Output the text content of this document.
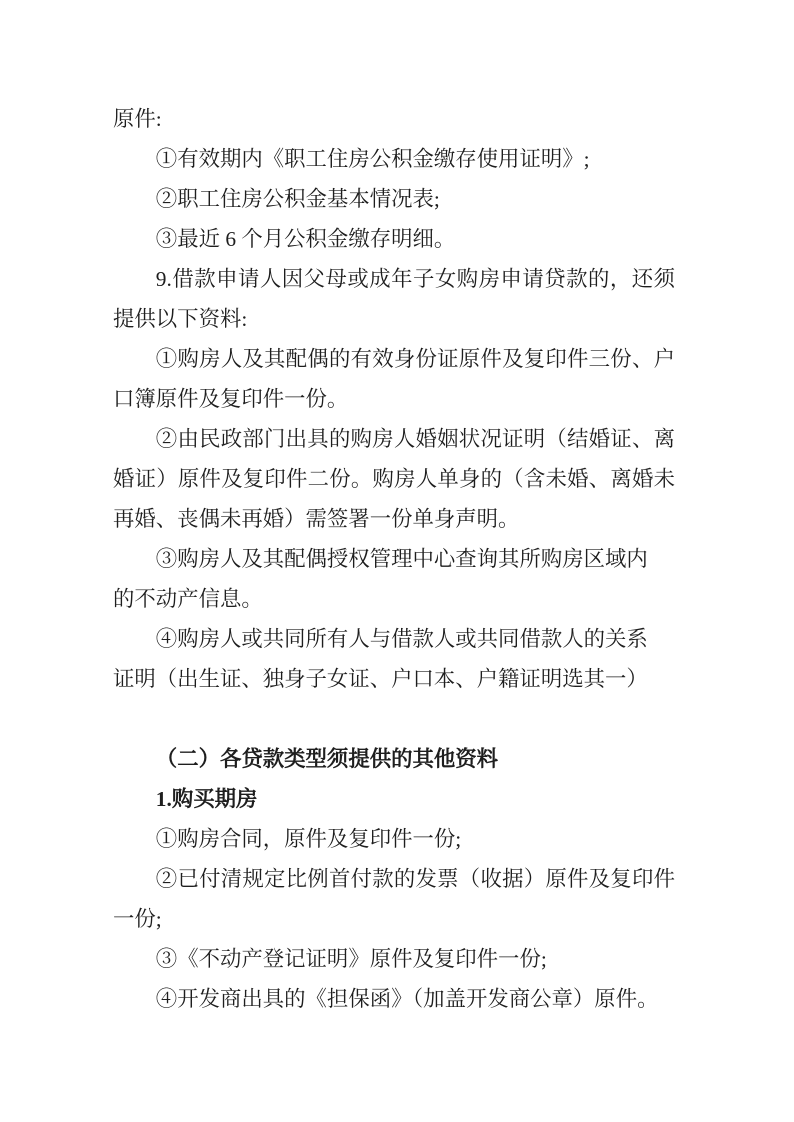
原件:
①有效期内《职工住房公积金缴存使用证明》;
②职工住房公积金基本情况表;
③最近 6 个月公积金缴存明细。
9.借款申请人因父母或成年子女购房申请贷款的，还须
提供以下资料:
①购房人及其配偶的有效身份证原件及复印件三份、户
口簿原件及复印件一份。
②由民政部门出具的购房人婚姻状况证明（结婚证、离
婚证）原件及复印件二份。购房人单身的（含未婚、离婚未
再婚、丧偶未再婚）需签署一份单身声明。
③购房人及其配偶授权管理中心查询其所购房区域内
的不动产信息。
④购房人或共同所有人与借款人或共同借款人的关系
证明（出生证、独身子女证、户口本、户籍证明选其一）
（二）各贷款类型须提供的其他资料
1.购买期房
①购房合同，原件及复印件一份;
②已付清规定比例首付款的发票（收据）原件及复印件
一份;
③《不动产登记证明》原件及复印件一份;
④开发商出具的《担保函》（加盖开发商公章）原件。
